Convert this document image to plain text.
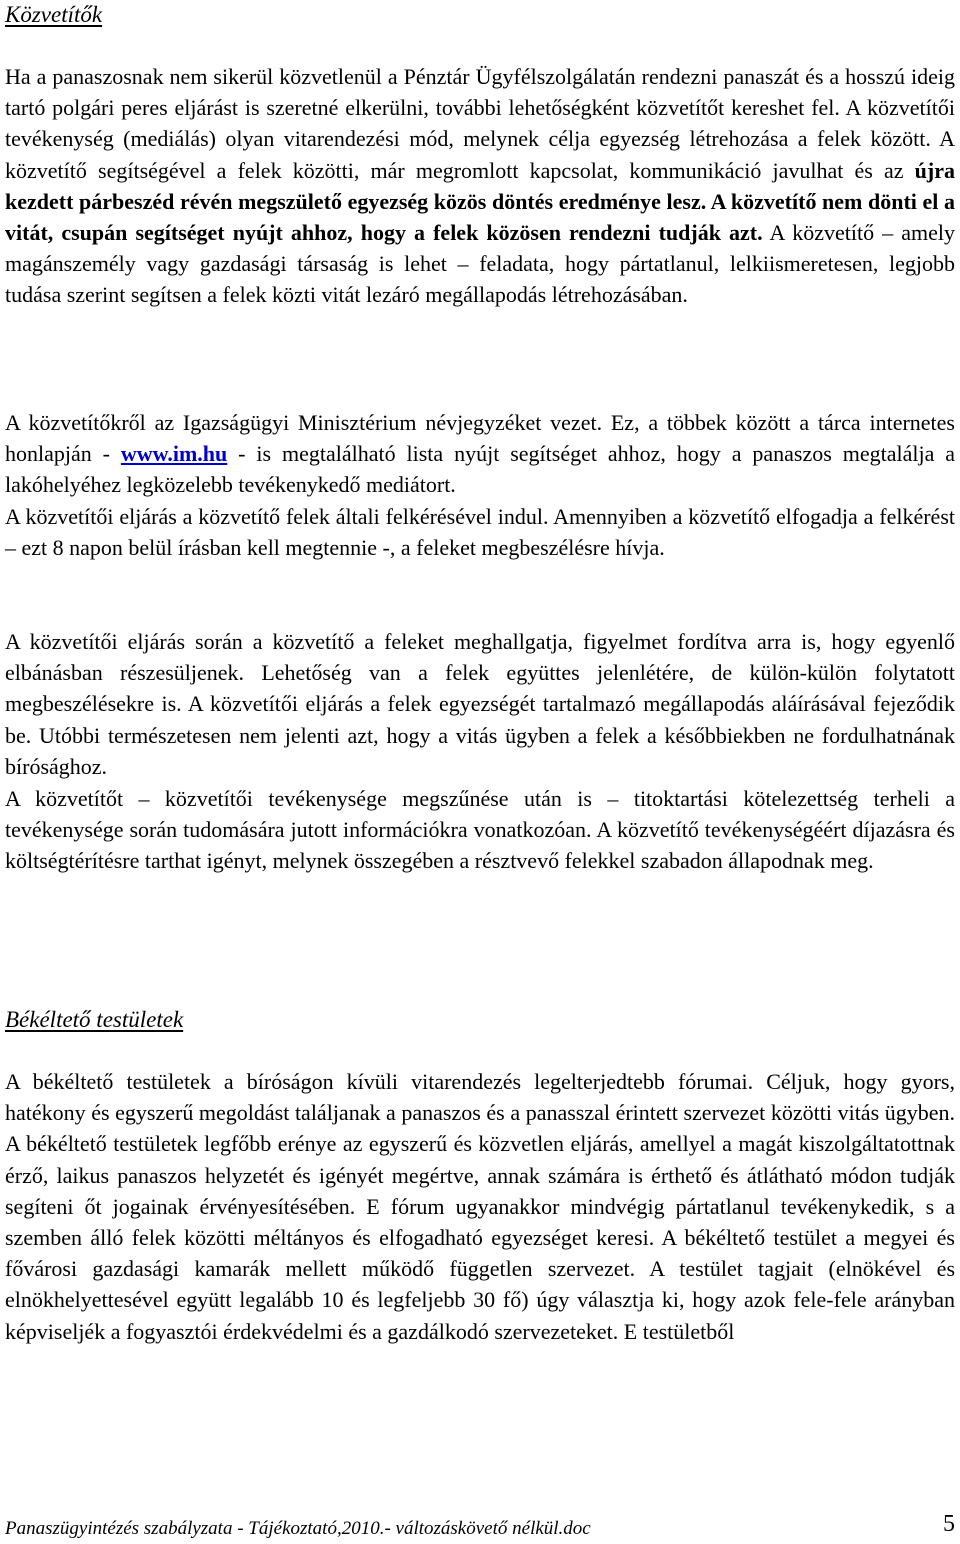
Közvetítők

Ha a panaszosnak nem sikerül közvetlenül a Pénztár Ügyfélszolgálatán rendezni panaszát és a hosszú ideig tartó polgári peres eljárást is szeretné elkerülni, további lehetőségként közvetítőt kereshet fel. A közvetítői tevékenység (mediálás) olyan vitarendezési mód, melynek célja egyezség létrehozása a felek között. A közvetítő segítségével a felek közötti, már megromlott kapcsolat, kommunikáció javulhat és az újra kezdett párbeszéd révén megszülető egyezség közös döntés eredménye lesz. A közvetítő nem dönti el a vitát, csupán segítséget nyújt ahhoz, hogy a felek közösen rendezni tudják azt. A közvetítő – amely magánszemély vagy gazdasági társaság is lehet – feladata, hogy pártatlanul, lelkiismeretesen, legjobb tudása szerint segítsen a felek közti vitát lezáró megállapodás létrehozásában.

A közvetítőkről az Igazságügyi Minisztérium névjegyzéket vezet. Ez, a többek között a tárca internetes honlapján - www.im.hu - is megtalálható lista nyújt segítséget ahhoz, hogy a panaszos megtalálja a lakóhelyéhez legközelebb tevékenykedő mediátort.

A közvetítői eljárás a közvetítő felek általi felkérésével indul. Amennyiben a közvetítő elfogadja a felkérést – ezt 8 napon belül írásban kell megtennie -, a feleket megbeszélésre hívja.

A közvetítői eljárás során a közvetítő a feleket meghallgatja, figyelmet fordítva arra is, hogy egyenlő elbánásban részesüljenek. Lehetőség van a felek együttes jelenlétére, de külön-külön folytatott megbeszélésekre is. A közvetítői eljárás a felek egyezségét tartalmazó megállapodás aláírásával fejeződik be. Utóbbi természetesen nem jelenti azt, hogy a vitás ügyben a felek a későbbiekben ne fordulhatnának bírósághoz.

A közvetítőt – közvetítői tevékenysége megszűnése után is – titoktartási kötelezettség terheli a tevékenysége során tudomására jutott információkra vonatkozóan. A közvetítő tevékenységéért díjazásra és költségtérítésre tarthat igényt, melynek összegében a résztvevő felekkel szabadon állapodnak meg.

Békéltető testületek

A békéltető testületek a bíróságon kívüli vitarendezés legelterjedtebb fórumai. Céljuk, hogy gyors, hatékony és egyszerű megoldást találjanak a panaszos és a panasszal érintett szervezet közötti vitás ügyben. A békéltető testületek legfőbb erénye az egyszerű és közvetlen eljárás, amellyel a magát kiszolgáltatottnak érző, laikus panaszos helyzetét és igényét megértve, annak számára is érthető és átlátható módon tudják segíteni őt jogainak érvényesítésében. E fórum ugyanakkor mindvégig pártatlanul tevékenykedik, s a szemben álló felek közötti méltányos és elfogadható egyezséget keresi. A békéltető testület a megyei és fővárosi gazdasági kamarák mellett működő független szervezet. A testület tagjait (elnökével és elnökhelyettesével együtt legalább 10 és legfeljebb 30 fő) úgy választja ki, hogy azok fele-fele arányban képviseljék a fogyasztói érdekvédelmi és a gazdálkodó szervezeteket. E testületből

Panaszügyintézés szabályzata - Tájékoztató,2010.- változáskövető nélkül.doc	5
